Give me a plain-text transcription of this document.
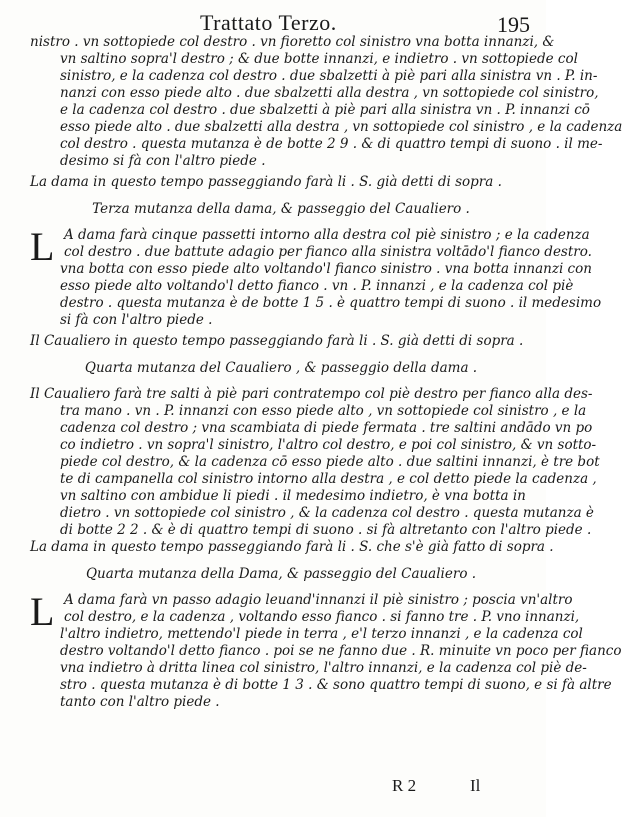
Trattato Terzo.	195
nistro . vn sottopiede col destro . vn fioretto col sinistro vna botta innanzi, &
vn saltino sopra'l destro ; & due botte innanzi, e indietro . vn sottopiede col
sinistro, e la cadenza col destro . due sbalzetti à piè pari alla sinistra vn . P. in-
nanzi con esso piede alto . due sbalzetti alla destra , vn sottopiede col sinistro,
e la cadenza col destro . due sbalzetti à piè pari alla sinistra vn . P. innanzi cō
esso piede alto . due sbalzetti alla destra , vn sottopiede col sinistro , e la cadenza
col destro . questa mutanza è de botte 2 9 . & di quattro tempi di suono . il me-
desimo si fà con l'altro piede .
La dama in questo tempo passeggiando farà li . S. già detti di sopra .
Terza mutanza della dama, & passeggio del Caualiero .
L A dama farà cinque passetti intorno alla destra col piè sinistro ; e la cadenza
col destro . due battute adagio per fianco alla sinistra voltādo'l fianco destro.
vna botta con esso piede alto voltando'l fianco sinistro . vna botta innanzi con
esso piede alto voltando'l detto fianco . vn . P. innanzi , e la cadenza col piè
destro . questa mutanza è de botte 1 5 . è quattro tempi di suono . il medesimo
si fà con l'altro piede .
Il Caualiero in questo tempo passeggiando farà li . S. già detti di sopra .
Quarta mutanza del Caualiero , & passeggio della dama .
Il Caualiero farà tre salti à piè pari contratempo col piè destro per fianco alla des-
tra mano . vn . P. innanzi con esso piede alto , vn sottopiede col sinistro , e la
cadenza col destro ; vna scambiata di piede fermata . tre saltini andādo vn po
co indietro . vn sopra'l sinistro, l'altro col destro, e poi col sinistro, & vn sotto-
piede col destro, & la cadenza cō esso piede alto . due saltini innanzi, è tre bot
te di campanella col sinistro intorno alla destra , e col detto piede la cadenza ,
vn saltino con ambidue li piedi . il medesimo indietro, è vna botta in
dietro . vn sottopiede col sinistro , & la cadenza col destro . questa mutanza è
di botte 2 2 . & è di quattro tempi di suono . si fà altretanto con l'altro piede .
La dama in questo tempo passeggiando farà li . S. che s'è già fatto di sopra .
Quarta mutanza della Dama, & passeggio del Caualiero .
L A dama farà vn passo adagio leuand'innanzi il piè sinistro ; poscia vn'altro
col destro, e la cadenza , voltando esso fianco . si fanno tre . P. vno innanzi,
l'altro indietro, mettendo'l piede in terra , e'l terzo innanzi , e la cadenza col
destro voltando'l detto fianco . poi se ne fanno due . R. minuite vn poco per fianco
vna indietro à dritta linea col sinistro, l'altro innanzi, e la cadenza col piè de-
stro . questa mutanza è di botte 1 3 . & sono quattro tempi di suono, e si fà altre
tanto con l'altro piede .
R 2	Il
